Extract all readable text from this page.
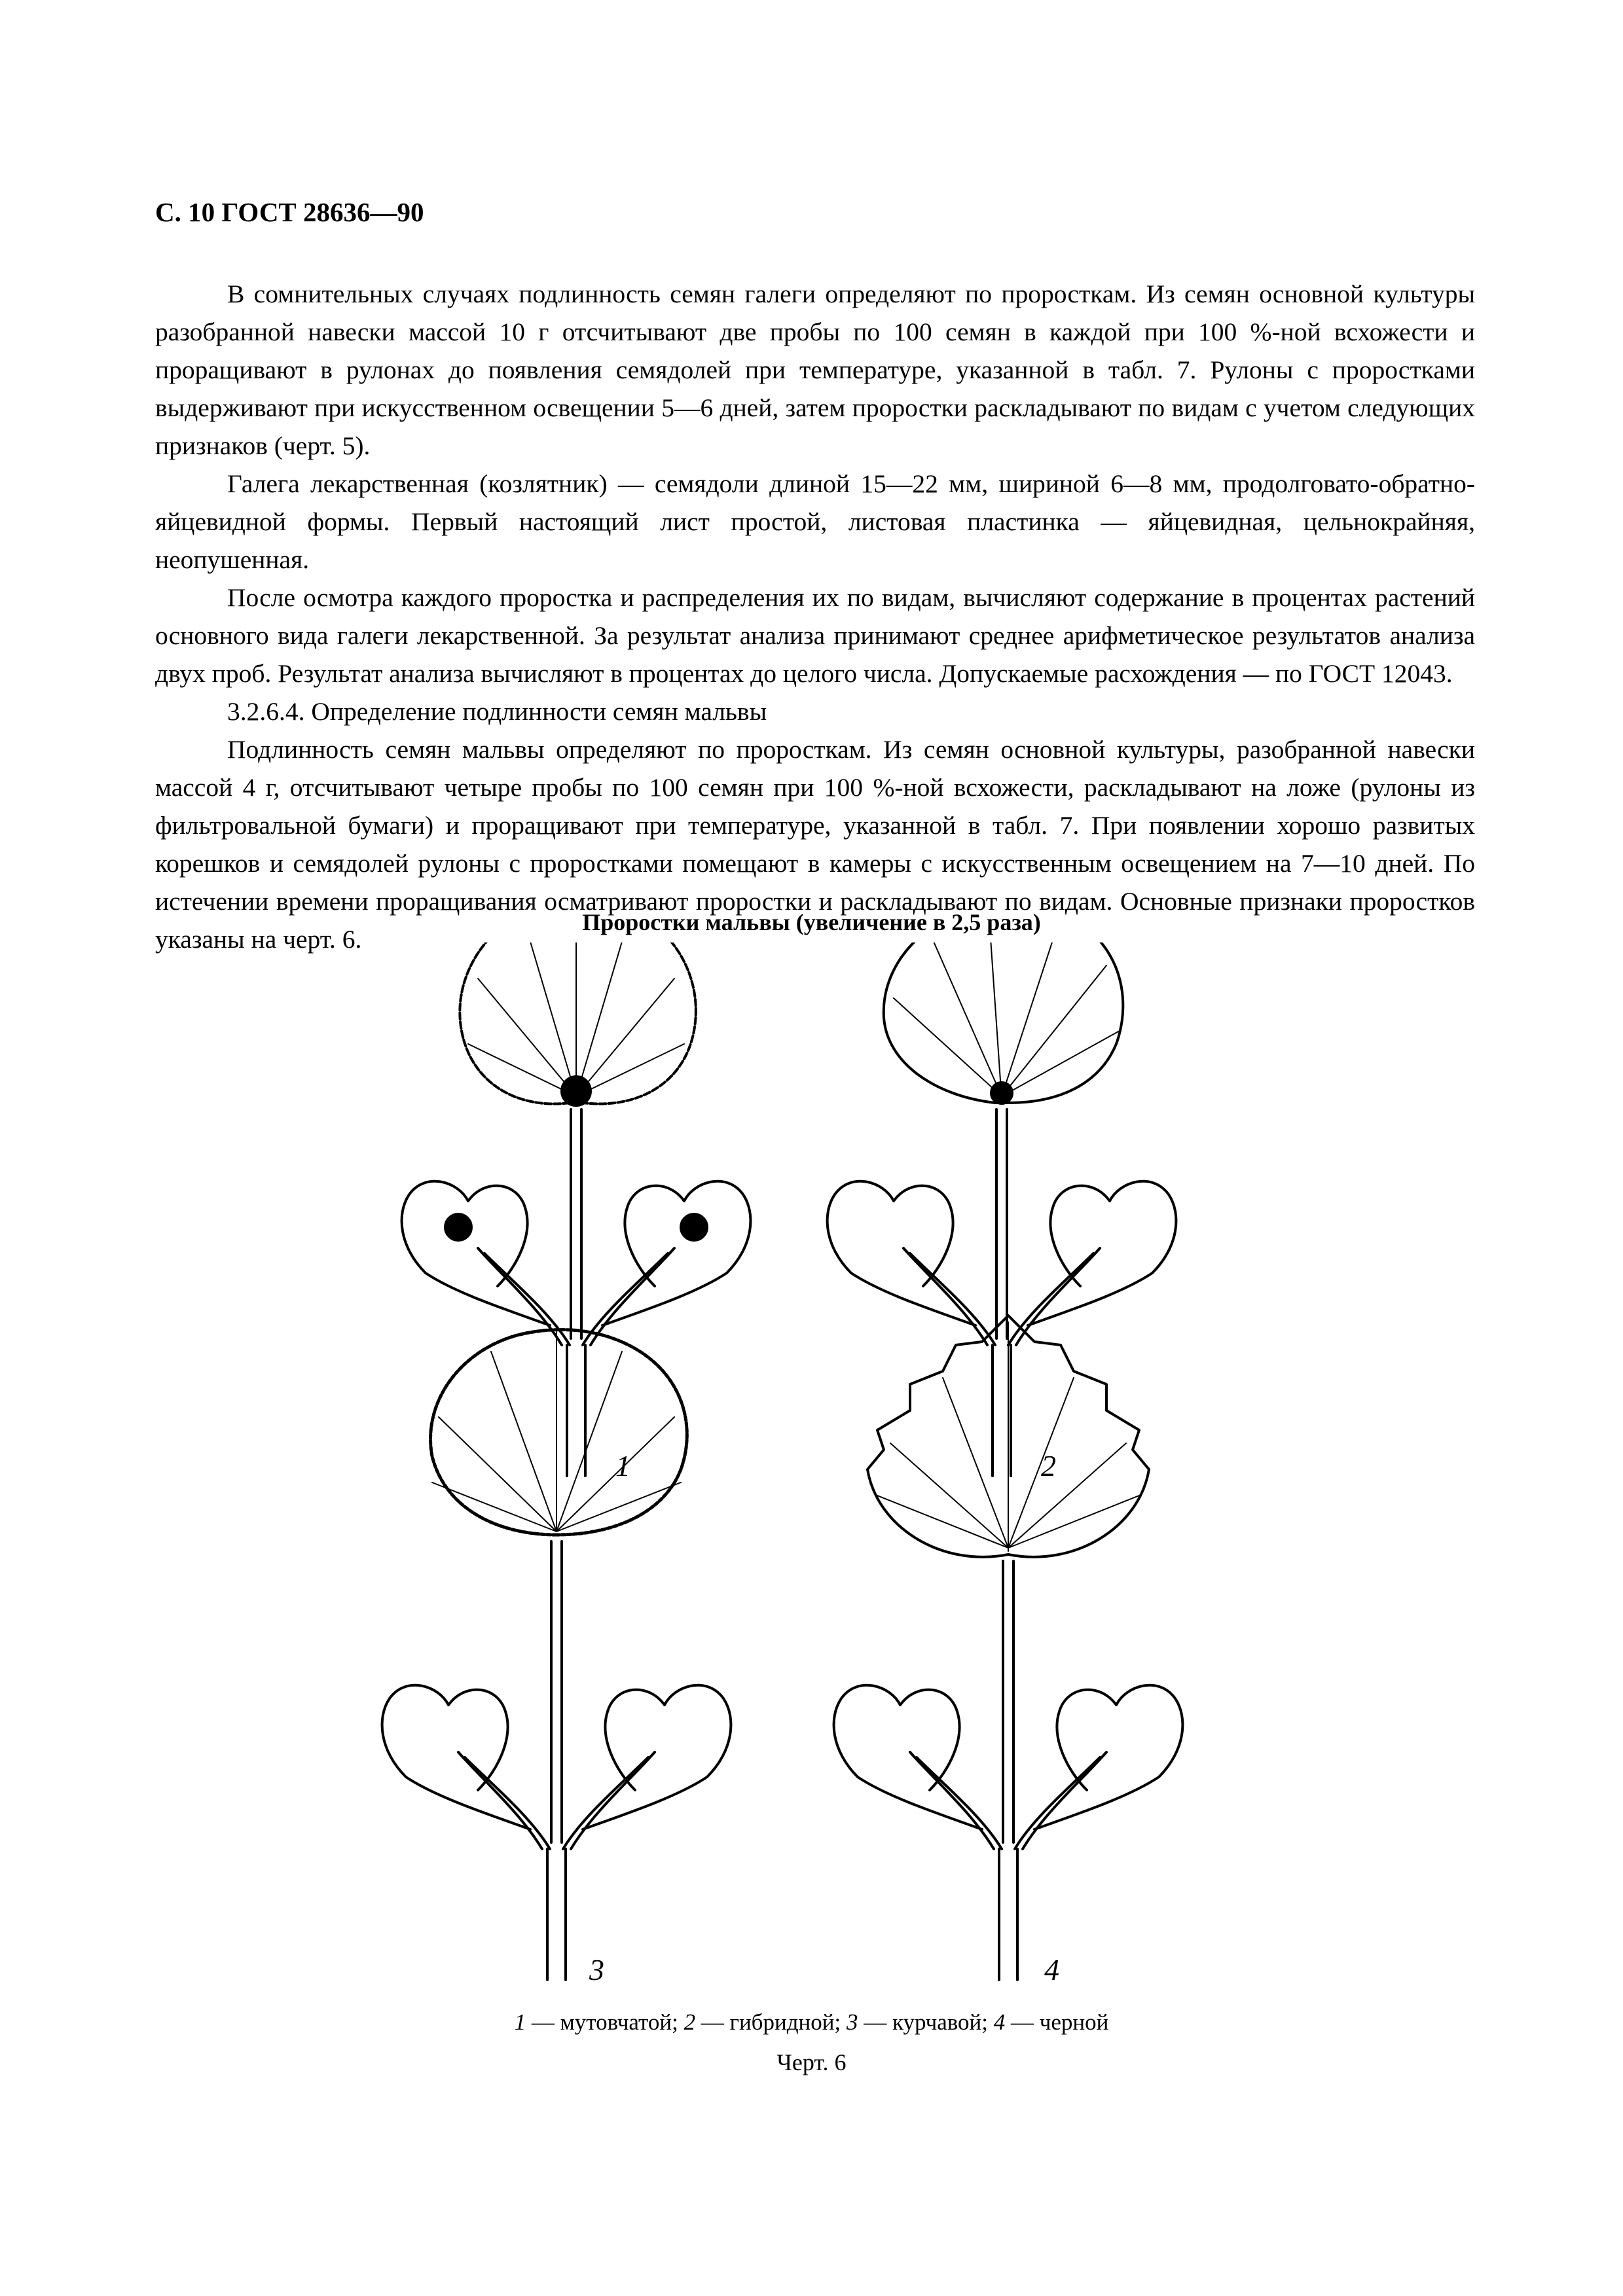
С. 10 ГОСТ 28636—90

В сомнительных случаях подлинность семян галеги определяют по проросткам. Из семян основной культуры разобранной навески массой 10 г отсчитывают две пробы по 100 семян в каждой при 100 %-ной всхожести и проращивают в рулонах до появления семядолей при температуре, указанной в табл. 7. Рулоны с проростками выдерживают при искусственном освещении 5—6 дней, затем проростки раскладывают по видам с учетом следующих признаков (черт. 5).

Галега лекарственная (козлятник) — семядоли длиной 15—22 мм, шириной 6—8 мм, продолговато-обратно-яйцевидной формы. Первый настоящий лист простой, листовая пластинка — яйцевидная, цельнокрайняя, неопушенная.

После осмотра каждого проростка и распределения их по видам, вычисляют содержание в процентах растений основного вида галеги лекарственной. За результат анализа принимают среднее арифметическое результатов анализа двух проб. Результат анализа вычисляют в процентах до целого числа. Допускаемые расхождения — по ГОСТ 12043.

3.2.6.4. Определение подлинности семян мальвы

Подлинность семян мальвы определяют по проросткам. Из семян основной культуры, разобранной навески массой 4 г, отсчитывают четыре пробы по 100 семян при 100 %-ной всхожести, раскладывают на ложе (рулоны из фильтровальной бумаги) и проращивают при температуре, указанной в табл. 7. При появлении хорошо развитых корешков и семядолей рулоны с проростками помещают в камеры с искусственным освещением на 7—10 дней. По истечении времени проращивания осматривают проростки и раскладывают по видам. Основные признаки проростков указаны на черт. 6.

Проростки мальвы (увеличение в 2,5 раза)
1	2
3	4
1 — мутовчатой; 2 — гибридной; 3 — курчавой; 4 — черной
Черт. 6
